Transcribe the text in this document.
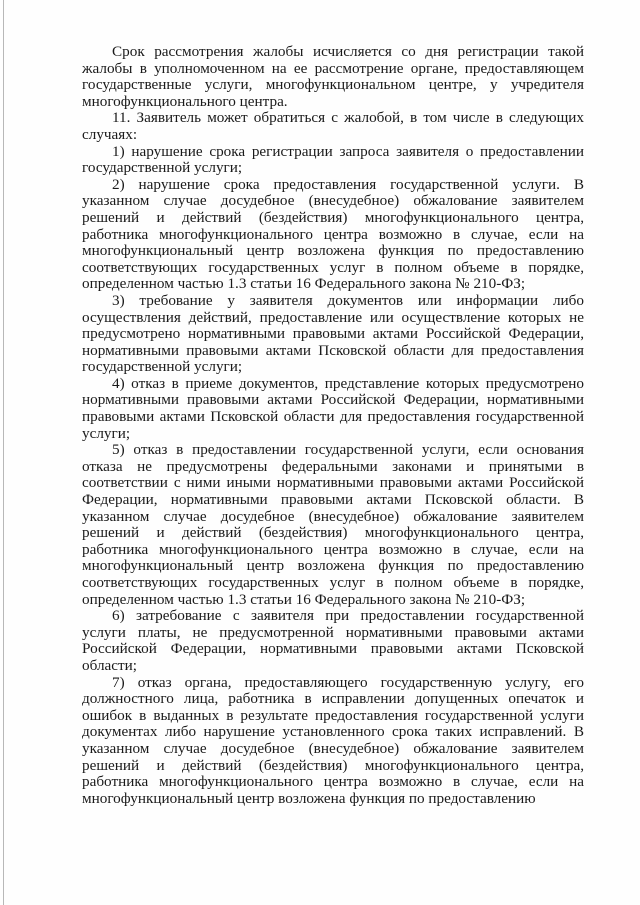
Срок рассмотрения жалобы исчисляется со дня регистрации такой жалобы в уполномоченном на ее рассмотрение органе, предоставляющем государственные услуги, многофункциональном центре, у учредителя многофункционального центра.

11. Заявитель может обратиться с жалобой, в том числе в следующих случаях:

1) нарушение срока регистрации запроса заявителя о предоставлении государственной услуги;

2) нарушение срока предоставления государственной услуги. В указанном случае досудебное (внесудебное) обжалование заявителем решений и действий (бездействия) многофункционального центра, работника многофункционального центра возможно в случае, если на многофункциональный центр возложена функция по предоставлению соответствующих государственных услуг в полном объеме в порядке, определенном частью 1.3 статьи 16 Федерального закона № 210-ФЗ;

3) требование у заявителя документов или информации либо осуществления действий, предоставление или осуществление которых не предусмотрено нормативными правовыми актами Российской Федерации, нормативными правовыми актами Псковской области для предоставления государственной услуги;

4) отказ в приеме документов, представление которых предусмотрено нормативными правовыми актами Российской Федерации, нормативными правовыми актами Псковской области для предоставления государственной услуги;

5) отказ в предоставлении государственной услуги, если основания отказа не предусмотрены федеральными законами и принятыми в соответствии с ними иными нормативными правовыми актами Российской Федерации, нормативными правовыми актами Псковской области. В указанном случае досудебное (внесудебное) обжалование заявителем решений и действий (бездействия) многофункционального центра, работника многофункционального центра возможно в случае, если на многофункциональный центр возложена функция по предоставлению соответствующих государственных услуг в полном объеме в порядке, определенном частью 1.3 статьи 16 Федерального закона № 210-ФЗ;

6) затребование с заявителя при предоставлении государственной услуги платы, не предусмотренной нормативными правовыми актами Российской Федерации, нормативными правовыми актами Псковской области;

7) отказ органа, предоставляющего государственную услугу, его должностного лица, работника в исправлении допущенных опечаток и ошибок в выданных в результате предоставления государственной услуги документах либо нарушение установленного срока таких исправлений. В указанном случае досудебное (внесудебное) обжалование заявителем решений и действий (бездействия) многофункционального центра, работника многофункционального центра возможно в случае, если на многофункциональный центр возложена функция по предоставлению
